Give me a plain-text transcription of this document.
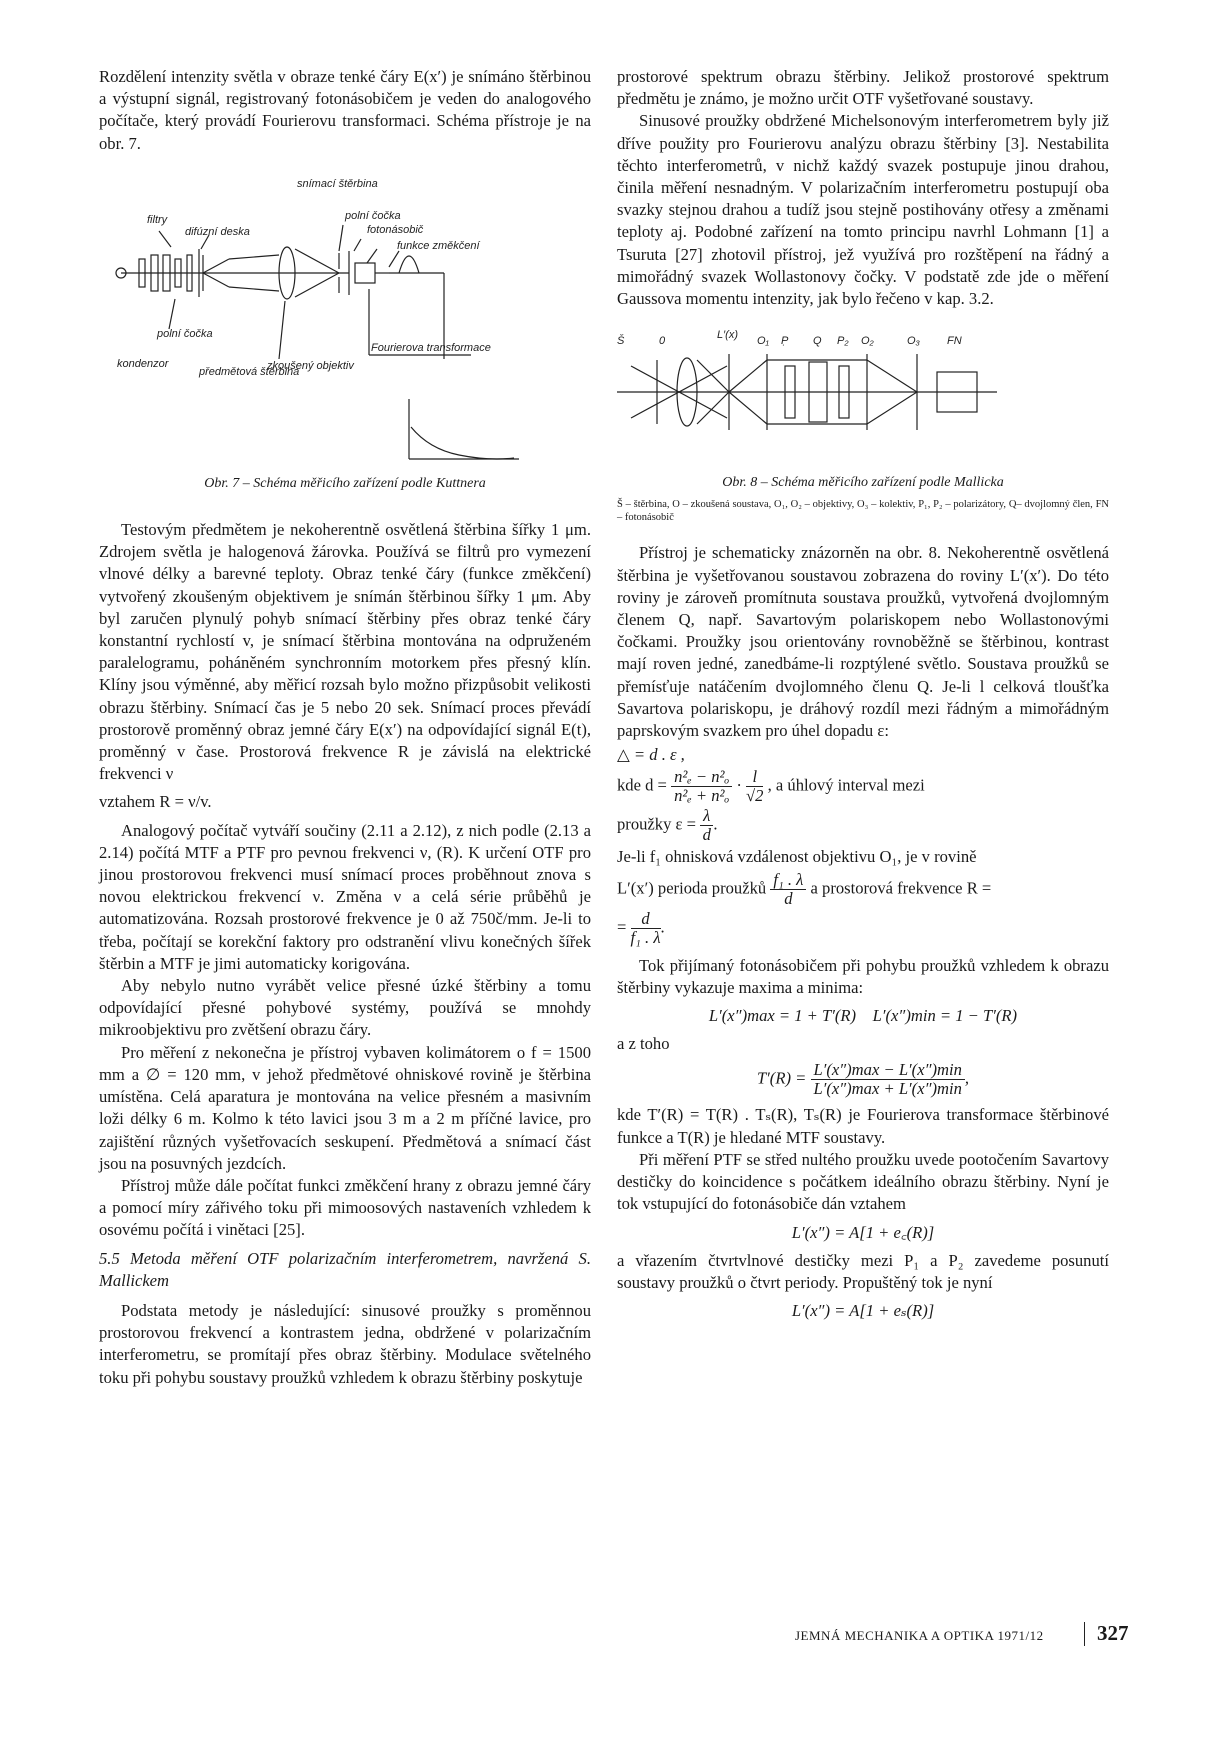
Rozdělení intenzity světla v obraze tenké čáry E(x′) je snímáno štěrbinou a výstupní signál, registrovaný fotonásobičem je veden do analogového počítače, který provádí Fourierovu transformaci. Schéma přístroje je na obr. 7.

snímací štěrbina
filtry
difúzní deska
polní čočka
fotonásobič
funkce změkčení
polní čočka
kondenzor
předmětová štěrbina
zkoušený objektiv
Fourierova transformace

Obr. 7 – Schéma měřicího zařízení podle Kuttnera

Testovým předmětem je nekoherentně osvětlená štěrbina šířky 1 μm. Zdrojem světla je halogenová žárovka. Používá se filtrů pro vymezení vlnové délky a barevné teploty. Obraz tenké čáry (funkce změkčení) vytvořený zkoušeným objektivem je snímán štěrbinou šířky 1 μm. Aby byl zaručen plynulý pohyb snímací štěrbiny přes obraz tenké čáry konstantní rychlostí v, je snímací štěrbina montována na odpruženém paralelogramu, poháněném synchronním motorkem přes přesný klín. Klíny jsou výměnné, aby měřicí rozsah bylo možno přizpůsobit velikosti obrazu štěrbiny. Snímací čas je 5 nebo 20 sek. Snímací proces převádí prostorově proměnný obraz jemné čáry E(x′) na odpovídající signál E(t), proměnný v čase. Prostorová frekvence R je závislá na elektrické frekvenci ν

vztahem R = ν/v.

Analogový počítač vytváří součiny (2.11 a 2.12), z nich podle (2.13 a 2.14) počítá MTF a PTF pro pevnou frekvenci ν, (R). K určení OTF pro jinou prostorovou frekvenci musí snímací proces proběhnout znova s novou elektrickou frekvencí ν. Změna ν a celá série průběhů je automatizována. Rozsah prostorové frekvence je 0 až 750č/mm. Je-li to třeba, počítají se korekční faktory pro odstranění vlivu konečných šířek štěrbin a MTF je jimi automaticky korigována.

Aby nebylo nutno vyrábět velice přesné úzké štěrbiny a tomu odpovídající přesné pohybové systémy, používá se mnohdy mikroobjektivu pro zvětšení obrazu čáry.

Pro měření z nekonečna je přístroj vybaven kolimátorem o f = 1500 mm a ∅ = 120 mm, v jehož předmětové ohniskové rovině je štěrbina umístěna. Celá aparatura je montována na velice přesném a masivním loži délky 6 m. Kolmo k této lavici jsou 3 m a 2 m příčné lavice, pro zajištění různých vyšetřovacích seskupení. Předmětová a snímací část jsou na posuvných jezdcích.

Přístroj může dále počítat funkci změkčení hrany z obrazu jemné čáry a pomocí míry zářivého toku při mimoosových nastaveních vzhledem k osovému počítá i vinětaci [25].

5.5 Metoda měření OTF polarizačním interferometrem, navržená S. Mallickem

Podstata metody je následující: sinusové proužky s proměnnou prostorovou frekvencí a kontrastem jedna, obdržené v polarizačním interferometru, se promítají přes obraz štěrbiny. Modulace světelného toku při pohybu soustavy proužků vzhledem k obrazu štěrbiny poskytuje

prostorové spektrum obrazu štěrbiny. Jelikož prostorové spektrum předmětu je známo, je možno určit OTF vyšetřované soustavy.

Sinusové proužky obdržené Michelsonovým interferometrem byly již dříve použity pro Fourierovu analýzu obrazu štěrbiny [3]. Nestabilita těchto interferometrů, v nichž každý svazek postupuje jinou drahou, činila měření nesnadným. V polarizačním interferometru postupují oba svazky stejnou drahou a tudíž jsou stejně postihovány otřesy a změnami teploty aj. Podobné zařízení na tomto principu navrhl Lohmann [1] a Tsuruta [27] zhotovil přístroj, jež využívá pro rozštěpení na řádný a mimořádný svazek Wollastonovy čočky. V podstatě zde jde o měření Gaussova momentu intenzity, jak bylo řečeno v kap. 3.2.

Š	0	L′(x) O₁ P̣ Q P₂ O₂	O₃ FN

Obr. 8 – Schéma měřicího zařízení podle Mallicka

Š – štěrbina, O – zkoušená soustava, O₁, O₂ – objektivy, O₃ – kolektiv, P₁, P₂ – polarizátory, Q– dvojlomný člen, FN – fotonásobič

Přístroj je schematicky znázorněn na obr. 8. Nekoherentně osvětlená štěrbina je vyšetřovanou soustavou zobrazena do roviny L′(x′). Do této roviny je zároveň promítnuta soustava proužků, vytvořená dvojlomným členem Q, např. Savartovým polariskopem nebo Wollastonovými čočkami. Proužky jsou orientovány rovnoběžně se štěrbinou, kontrast mají roven jedné, zanedbáme-li rozptýlené světlo. Soustava proužků se přemísťuje natáčením dvojlomného členu Q. Je-li l celková tloušťka Savartova polariskopu, je dráhový rozdíl mezi řádným a mimořádným paprskovým svazkem pro úhel dopadu ε:

△ = d . ε ,

kde $d = \frac{\text{n²ₑ − n²ₒ}}{\text{n²ₑ + n²ₒ}} \cdot \frac{l}{√2}$ , a úhlový interval mezi

proužky $\varepsilon = \frac{\lambda}{d}$ .

Je-li f₁ ohnisková vzdálenost objektivu O₁, je v rovině

L′(x′) perioda proužků $\frac{\text{f₁ . λ}}{d}$ a prostorová frekvence R =

= $\frac{d}{\text{f₁ . λ}}$ .

Tok přijímaný fotonásobičem při pohybu proužků vzhledem k obrazu štěrbiny vykazuje maxima a minima:

L′(x″)max = 1 + T′(R)    L′(x″)min = 1 − T′(R)

a z toho

$T'(R) = \frac{L'(x'')\max - L'(x'')\min}{L'(x'')\max + L'(x'')\min}$ ,

kde T′(R) = T(R) . Tₛ(R), Tₛ(R) je Fourierova transformace štěrbinové funkce a T(R) je hledané MTF soustavy.

Při měření PTF se střed nultého proužku uvede pootočením Savartovy destičky do koincidence s počátkem ideálního obrazu štěrbiny. Nyní je tok vstupující do fotonásobiče dán vztahem

L′(x″) = A[1 + e꜀(R)]

a vřazením čtvrtvlnové destičky mezi P₁ a P₂ zavedeme posunutí soustavy proužků o čtvrt periody. Propuštěný tok je nyní

L′(x″) = A[1 + eₛ(R)]

JEMNÁ MECHANIKA A OPTIKA 1971/12	327
